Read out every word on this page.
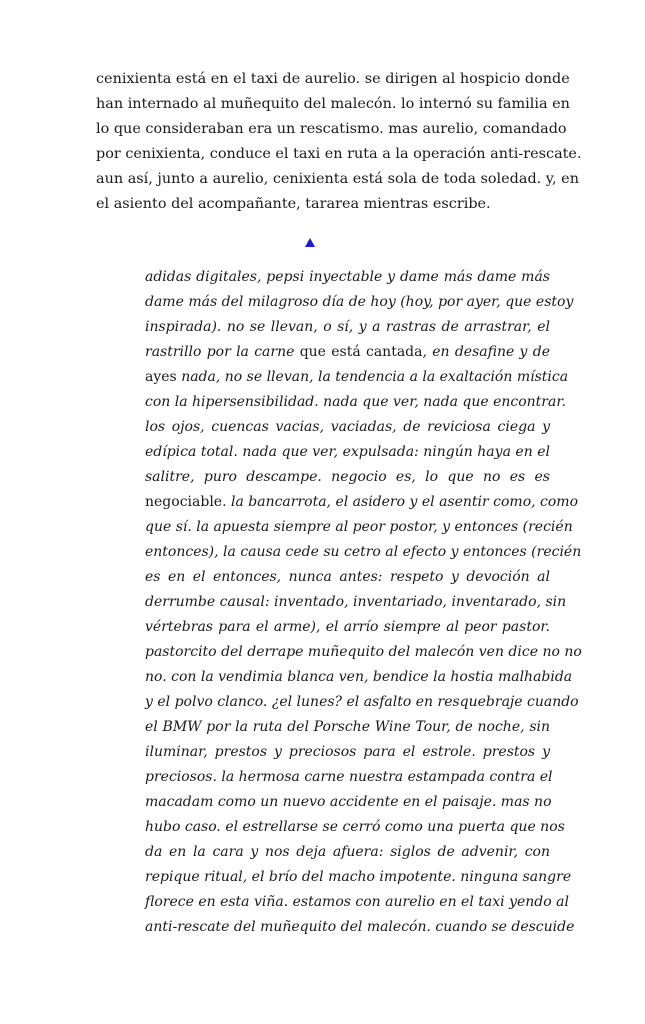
cenixienta está en el taxi de aurelio. se dirigen al hospicio donde
han internado al muñequito del malecón. lo internó su familia en
lo que consideraban era un rescatismo. mas aurelio, comandado
por cenixienta, conduce el taxi en ruta a la operación anti-rescate.
aun así, junto a aurelio, cenixienta está sola de toda soledad. y, en
el asiento del acompañante, tararea mientras escribe.
adidas digitales, pepsi inyectable y dame más dame más
dame más del milagroso día de hoy (hoy, por ayer, que estoy
inspirada). no se llevan, o sí, y a rastras de arrastrar, el
rastrillo por la carne que está cantada, en desafine y de
ayes nada, no se llevan, la tendencia a la exaltación mística
con la hipersensibilidad. nada que ver, nada que encontrar.
los ojos, cuencas vacias, vaciadas, de reviciosa ciega y
edípica total. nada que ver, expulsada: ningún haya en el
salitre, puro descampe. negocio es, lo que no es es
negociable. la bancarrota, el asidero y el asentir como, como
que sí. la apuesta siempre al peor postor, y entonces (recién
entonces), la causa cede su cetro al efecto y entonces (recién
es en el entonces, nunca antes: respeto y devoción al
derrumbe causal: inventado, inventariado, inventarado, sin
vértebras para el arme), el arrío siempre al peor pastor.
pastorcito del derrape muñequito del malecón ven dice no no
no. con la vendimia blanca ven, bendice la hostia malhabida
y el polvo clanco. ¿el lunes? el asfalto en resquebraje cuando
el BMW por la ruta del Porsche Wine Tour, de noche, sin
iluminar, prestos y preciosos para el estrole. prestos y
preciosos. la hermosa carne nuestra estampada contra el
macadam como un nuevo accidente en el paisaje. mas no
hubo caso. el estrellarse se cerró como una puerta que nos
da en la cara y nos deja afuera: siglos de advenir, con
repique ritual, el brío del macho impotente. ninguna sangre
florece en esta viña. estamos con aurelio en el taxi yendo al
anti-rescate del muñequito del malecón. cuando se descuide
